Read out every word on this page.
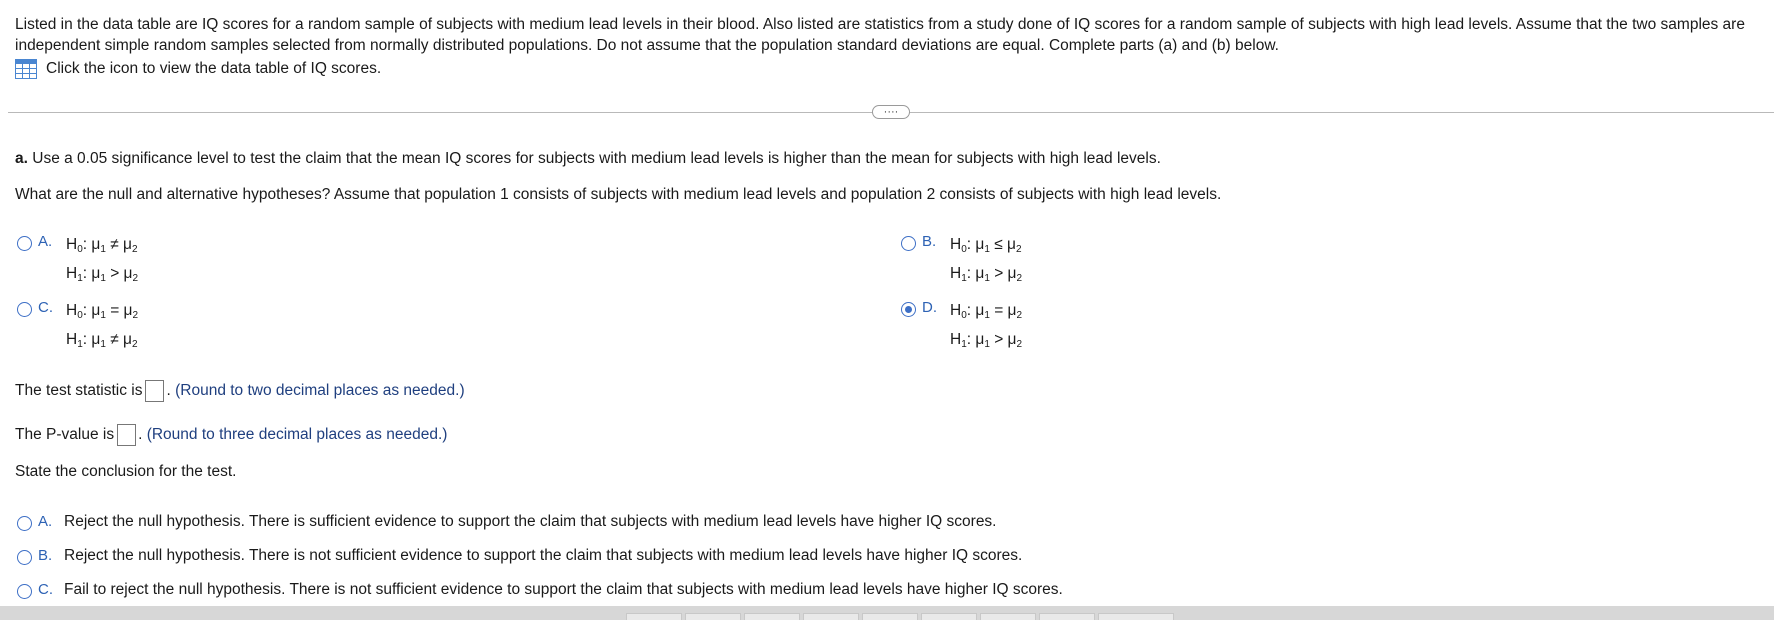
Listed in the data table are IQ scores for a random sample of subjects with medium lead levels in their blood. Also listed are statistics from a study done of IQ scores for a random sample of subjects with high lead levels. Assume that the two samples are independent simple random samples selected from normally distributed populations. Do not assume that the population standard deviations are equal. Complete parts (a) and (b) below.
Click the icon to view the data table of IQ scores.
····
a. Use a 0.05 significance level to test the claim that the mean IQ scores for subjects with medium lead levels is higher than the mean for subjects with high lead levels.
What are the null and alternative hypotheses? Assume that population 1 consists of subjects with medium lead levels and population 2 consists of subjects with high lead levels.
A. $H_0$: $\mu_1 \ne \mu_2$
$H_1$: $\mu_1 > \mu_2$
B. $H_0$: $\mu_1 \le \mu_2$
$H_1$: $\mu_1 > \mu_2$
C. $H_0$: $\mu_1 = \mu_2$
$H_1$: $\mu_1 \ne \mu_2$
D. $H_0$: $\mu_1 = \mu_2$
$H_1$: $\mu_1 > \mu_2$
The test statistic is . (Round to two decimal places as needed.)
The P-value is . (Round to three decimal places as needed.)
State the conclusion for the test.
A. Reject the null hypothesis. There is sufficient evidence to support the claim that subjects with medium lead levels have higher IQ scores.
B. Reject the null hypothesis. There is not sufficient evidence to support the claim that subjects with medium lead levels have higher IQ scores.
C. Fail to reject the null hypothesis. There is not sufficient evidence to support the claim that subjects with medium lead levels have higher IQ scores.
